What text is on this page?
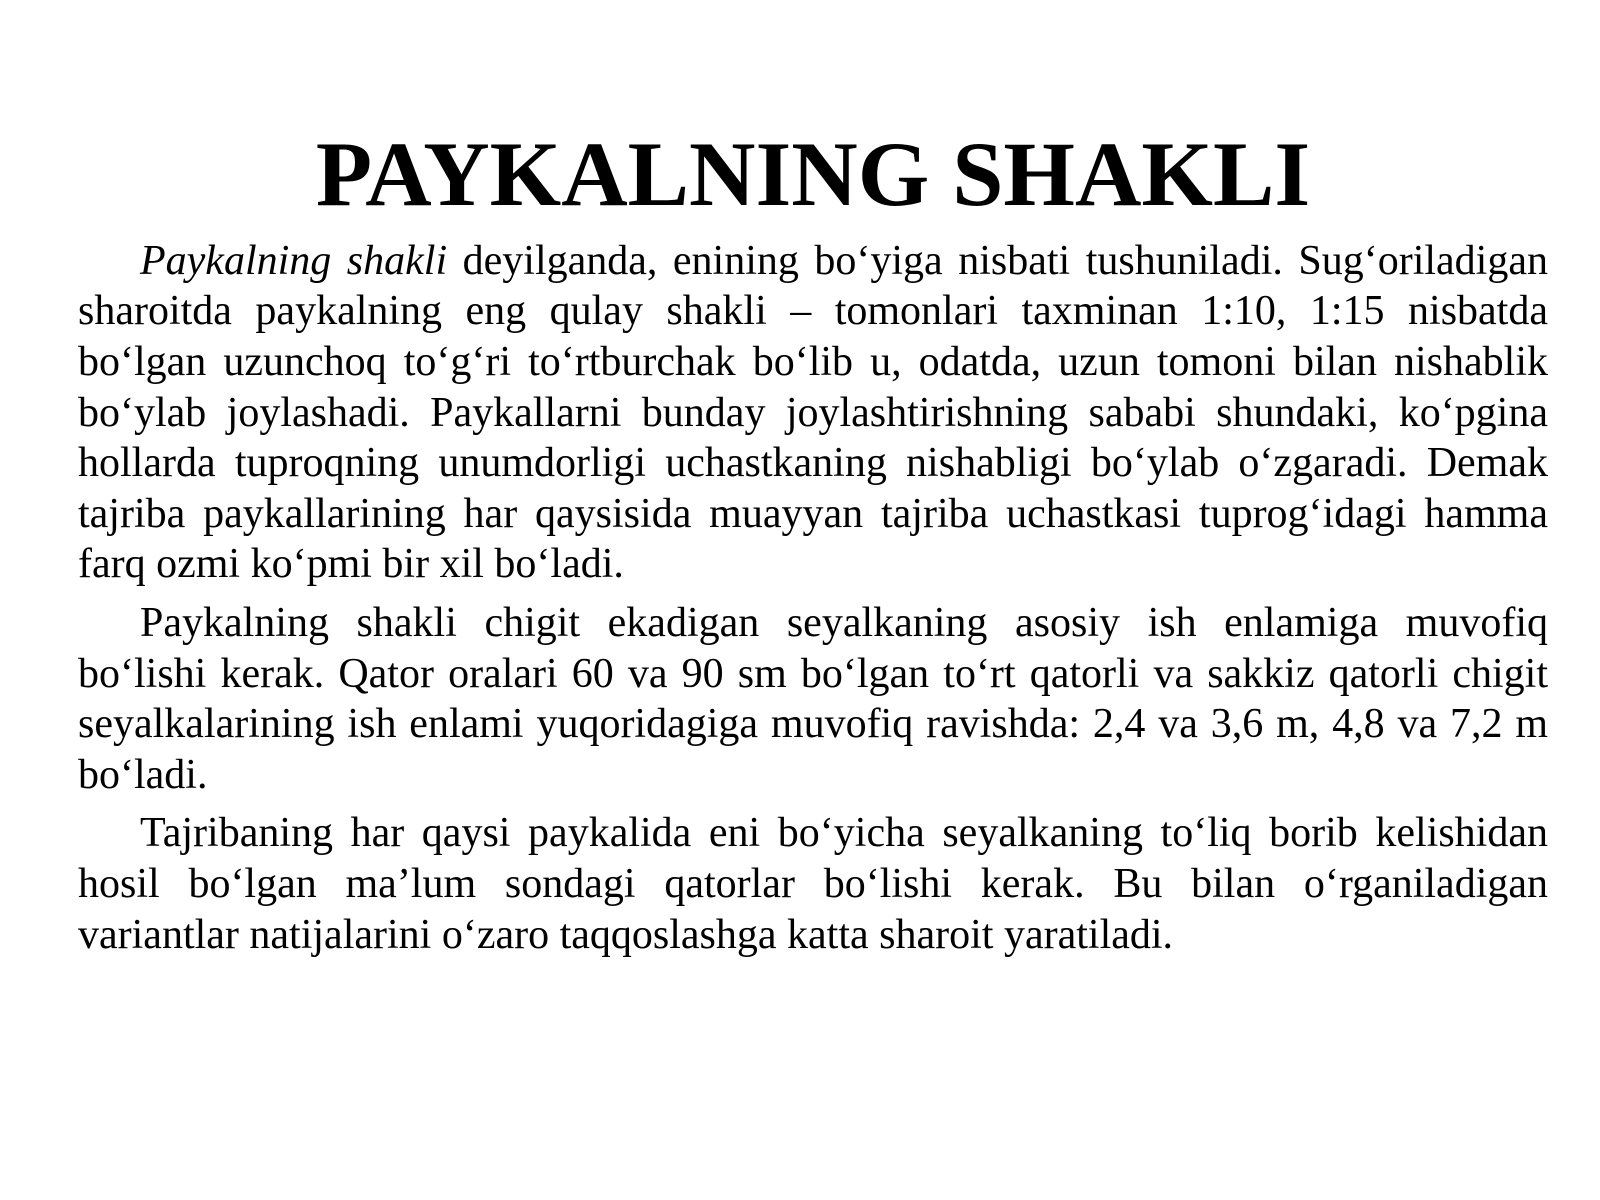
PAYKALNING SHAKLI

Paykalning shakli deyilganda, enining bo‘yiga nisbati tushuniladi. Sug‘oriladigan sharoitda paykalning eng qulay shakli – tomonlari taxminan 1:10, 1:15 nisbatda bo‘lgan uzunchoq to‘g‘ri to‘rtburchak bo‘lib u, odatda, uzun tomoni bilan nishablik bo‘ylab joylashadi. Paykallarni bunday joylashtirishning sababi shundaki, ko‘pgina hollarda tuproqning unumdorligi uchastkaning nishabligi bo‘ylab o‘zgaradi. Demak tajriba paykallarining har qaysisida muayyan tajriba uchastkasi tuprog‘idagi hamma farq ozmi ko‘pmi bir xil bo‘ladi.

Paykalning shakli chigit ekadigan seyalkaning asosiy ish enlamiga muvofiq bo‘lishi kerak. Qator oralari 60 va 90 sm bo‘lgan to‘rt qatorli va sakkiz qatorli chigit seyalkalarining ish enlami yuqoridagiga muvofiq ravishda: 2,4 va 3,6 m, 4,8 va 7,2 m bo‘ladi.

Tajribaning har qaysi paykalida eni bo‘yicha seyalkaning to‘liq borib kelishidan hosil bo‘lgan ma’lum sondagi qatorlar bo‘lishi kerak. Bu bilan o‘rganiladigan variantlar natijalarini o‘zaro taqqoslashga katta sharoit yaratiladi.
